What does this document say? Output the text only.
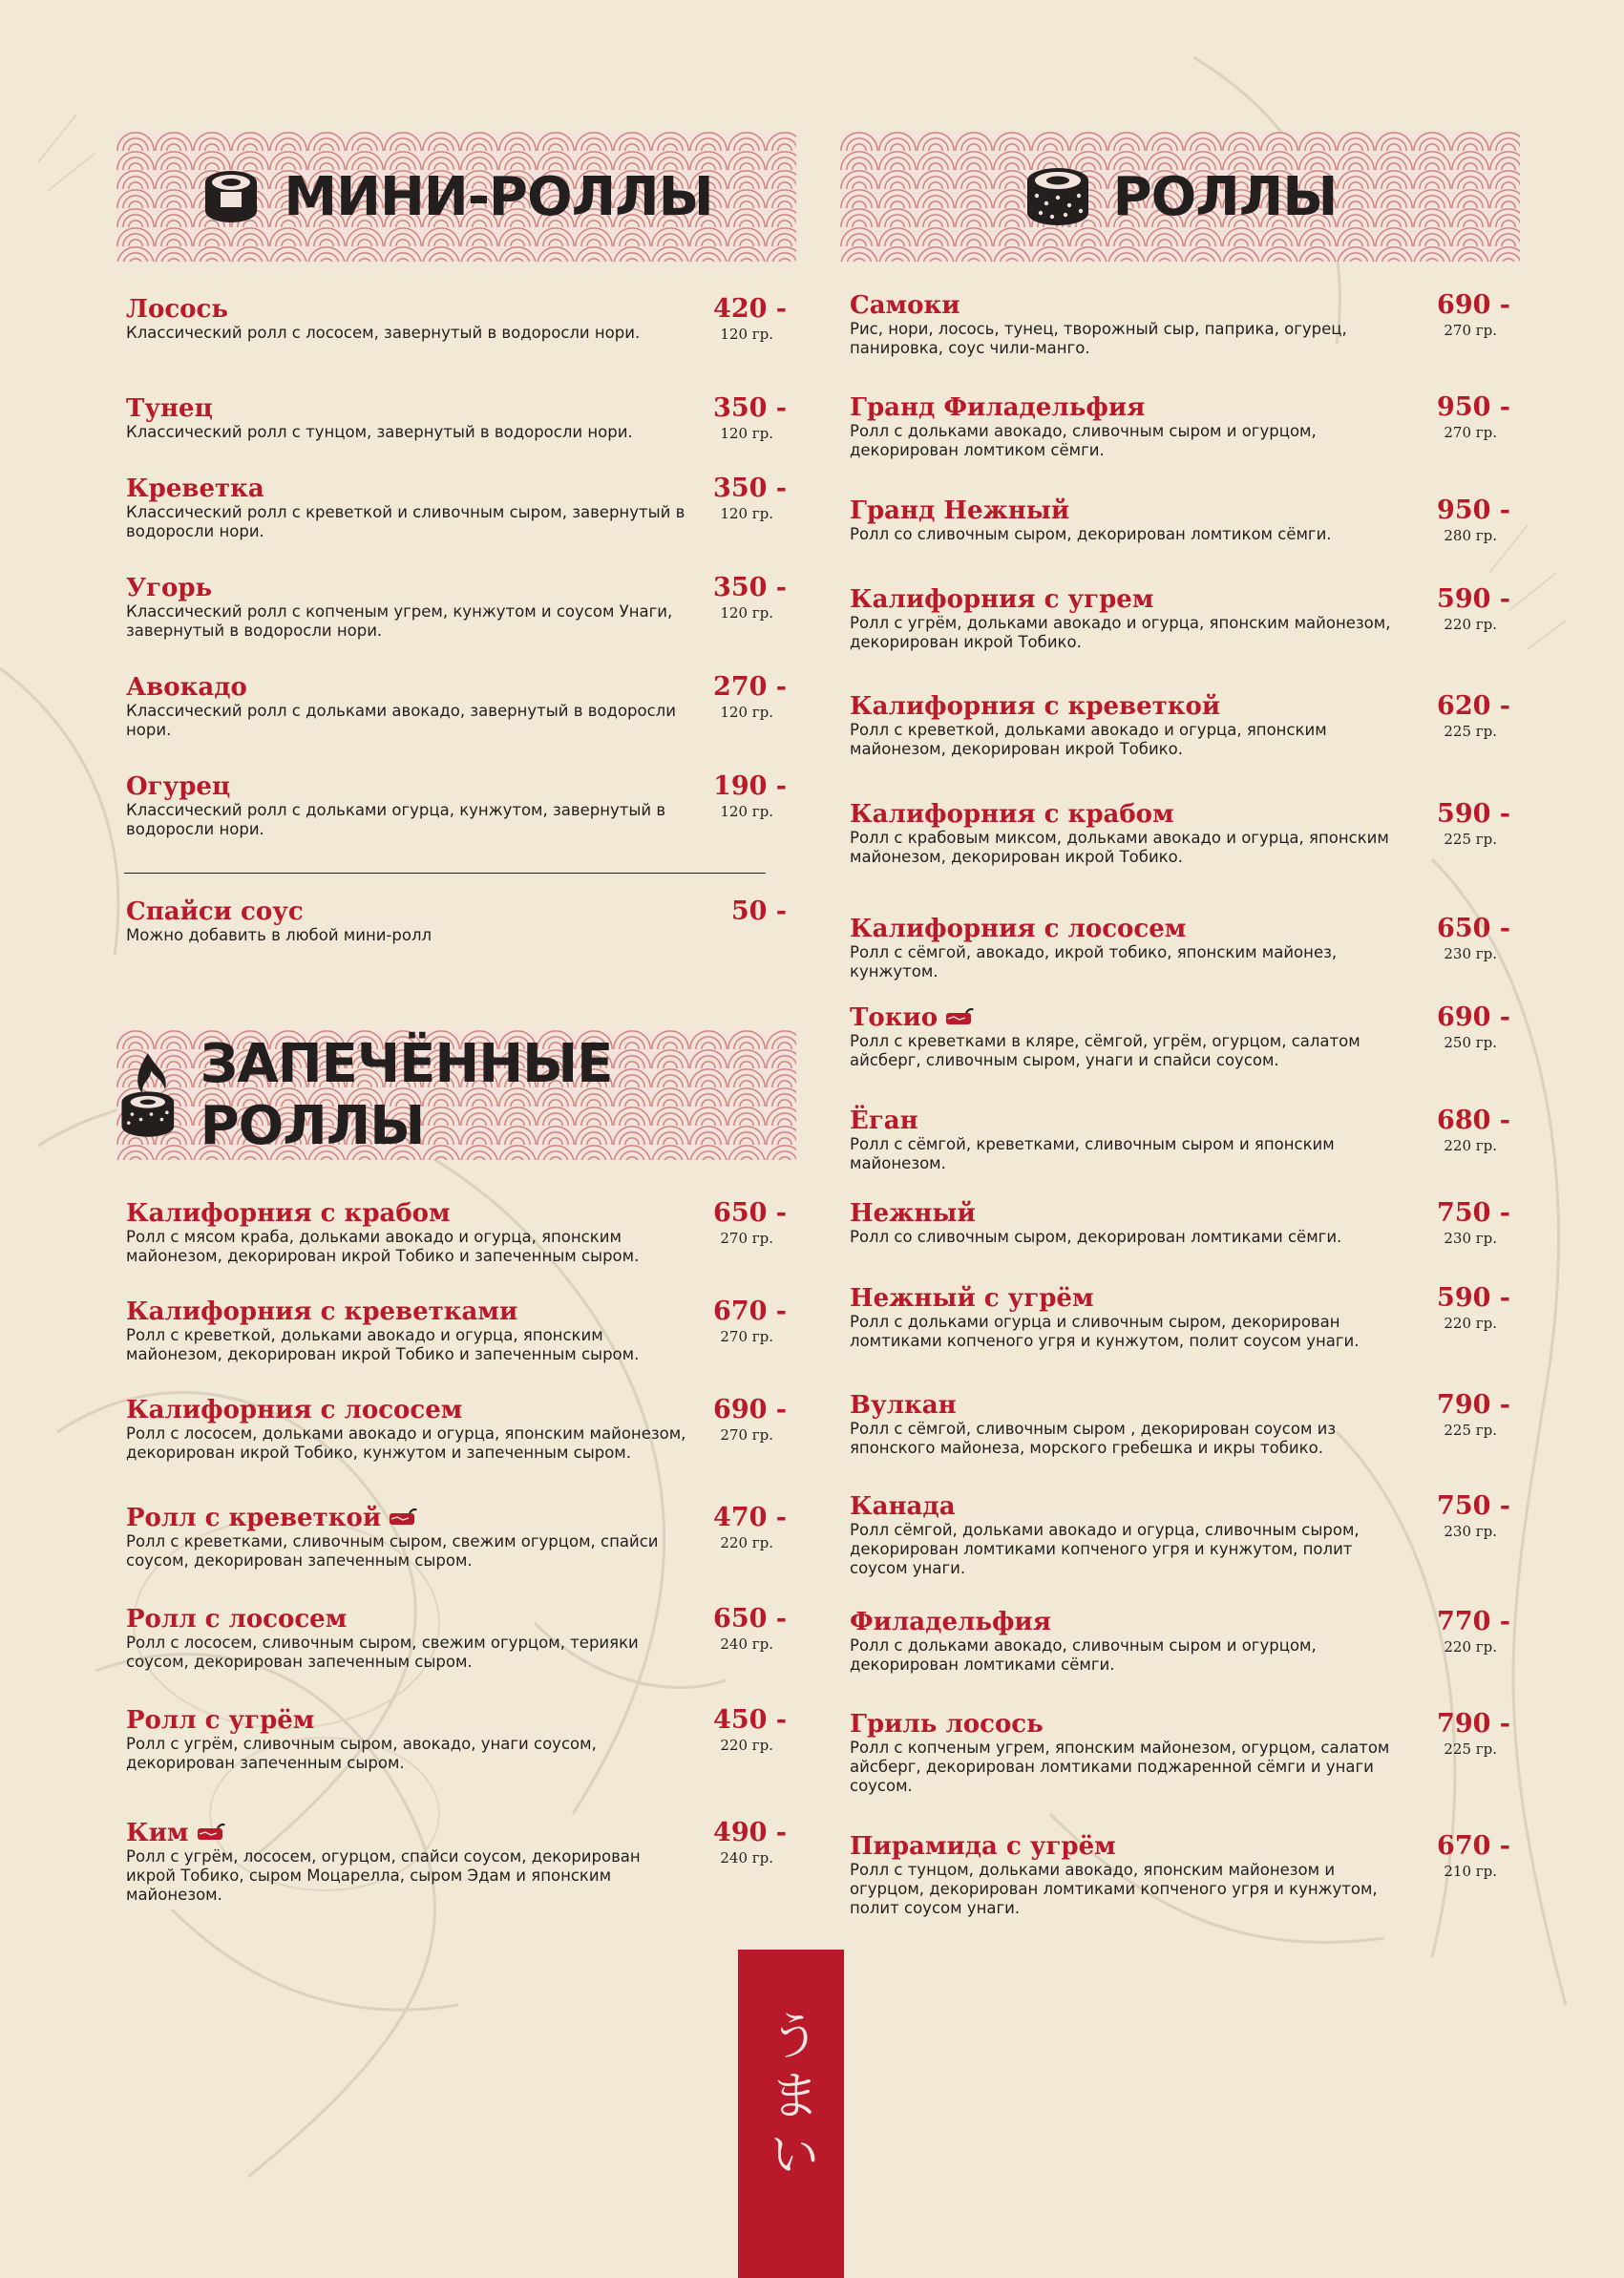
МИНИ-РОЛЛЫ
Лосось	420 -
Классический ролл с лососем, завернутый в водоросли нори.	120 гр.
Тунец	350 -
Классический ролл с тунцом, завернутый в водоросли нори.	120 гр.
Креветка	350 -
Классический ролл с креветкой и сливочным сыром, завернутый в водоросли нори.
120 гр.
Угорь	350 -
Классический ролл с копченым угрем, кунжутом и соусом Унаги, завернутый в водоросли нори.
120 гр.
Авокадо	270 -
Классический ролл с дольками авокадо, завернутый в водоросли нори.
120 гр.
Огурец	190 -
Классический ролл с дольками огурца, кунжутом, завернутый в водоросли нори.
120 гр.
Спайси соус	50 -
Можно добавить в любой мини-ролл
ЗАПЕЧЁННЫЕ РОЛЛЫ
Калифорния с крабом	650 -
Ролл с мясом краба, дольками авокадо и огурца, японским майонезом, декорирован икрой Тобико и запеченным сыром.
270 гр.
Калифорния с креветками	670 -
Ролл с креветкой, дольками авокадо и огурца, японским майонезом, декорирован икрой Тобико и запеченным сыром.
270 гр.
Калифорния с лососем	690 -
Ролл с лососем, дольками авокадо и огурца, японским майонезом, декорирован икрой Тобико, кунжутом и запеченным сыром.
270 гр.
Ролл с креветкой	470 -
Ролл с креветками, сливочным сыром, свежим огурцом, спайси соусом, декорирован запеченным сыром.
220 гр.
Ролл с лососем	650 -
Ролл с лососем, сливочным сыром, свежим огурцом, терияки соусом, декорирован запеченным сыром.
240 гр.
Ролл с угрём	450 -
Ролл с угрём, сливочным сыром, авокадо, унаги соусом, декорирован запеченным сыром.
220 гр.
Ким	490 -
Ролл с угрём, лососем, огурцом, спайси соусом, декорирован икрой Тобико, сыром Моцарелла, сыром Эдам и японским майонезом.
240 гр.
РОЛЛЫ
Самоки	690 -
Рис, нори, лосось, тунец, творожный сыр, паприка, огурец, панировка, соус чили-манго.
270 гр.
Гранд Филадельфия	950 -
Ролл с дольками авокадо, сливочным сыром и огурцом, декорирован ломтиком сёмги.
270 гр.
Гранд Нежный	950 -
Ролл со сливочным сыром, декорирован ломтиком сёмги.	280 гр.
Калифорния с угрем	590 -
Ролл с угрём, дольками авокадо и огурца, японским майонезом, декорирован икрой Тобико.
220 гр.
Калифорния с креветкой	620 -
Ролл с креветкой, дольками авокадо и огурца, японским майонезом, декорирован икрой Тобико.
225 гр.
Калифорния с крабом	590 -
Ролл с крабовым миксом, дольками авокадо и огурца, японским майонезом, декорирован икрой Тобико.
225 гр.
Калифорния с лососем	650 -
Ролл с сёмгой, авокадо, икрой тобико, японским майонез, кунжутом.
230 гр.
Токио	690 -
Ролл с креветками в кляре, сёмгой, угрём, огурцом, салатом айсберг, сливочным сыром, унаги и спайси соусом.
250 гр.
Ёган	680 -
Ролл с сёмгой, креветками, сливочным сыром и японским майонезом.
220 гр.
Нежный	750 -
Ролл со сливочным сыром, декорирован ломтиками сёмги.	230 гр.
Нежный с угрём	590 -
Ролл с дольками огурца и сливочным сыром, декорирован ломтиками копченого угря и кунжутом, полит соусом унаги.
220 гр.
Вулкан	790 -
Ролл с сёмгой, сливочным сыром , декорирован соусом из японского майонеза, морского гребешка и икры тобико.
225 гр.
Канада	750 -
Ролл сёмгой, дольками авокадо и огурца, сливочным сыром, декорирован ломтиками копченого угря и кунжутом, полит соусом унаги.
230 гр.
Филадельфия	770 -
Ролл с дольками авокадо, сливочным сыром и огурцом, декорирован ломтиками сёмги.
220 гр.
Гриль лосось	790 -
Ролл с копченым угрем, японским майонезом, огурцом, салатом айсберг, декорирован ломтиками поджаренной сёмги и унаги соусом.
225 гр.
Пирамида с угрём	670 -
Ролл с тунцом, дольками авокадо, японским майонезом и огурцом, декорирован ломтиками копченого угря и кунжутом, полит соусом унаги.
210 гр.
うまい
